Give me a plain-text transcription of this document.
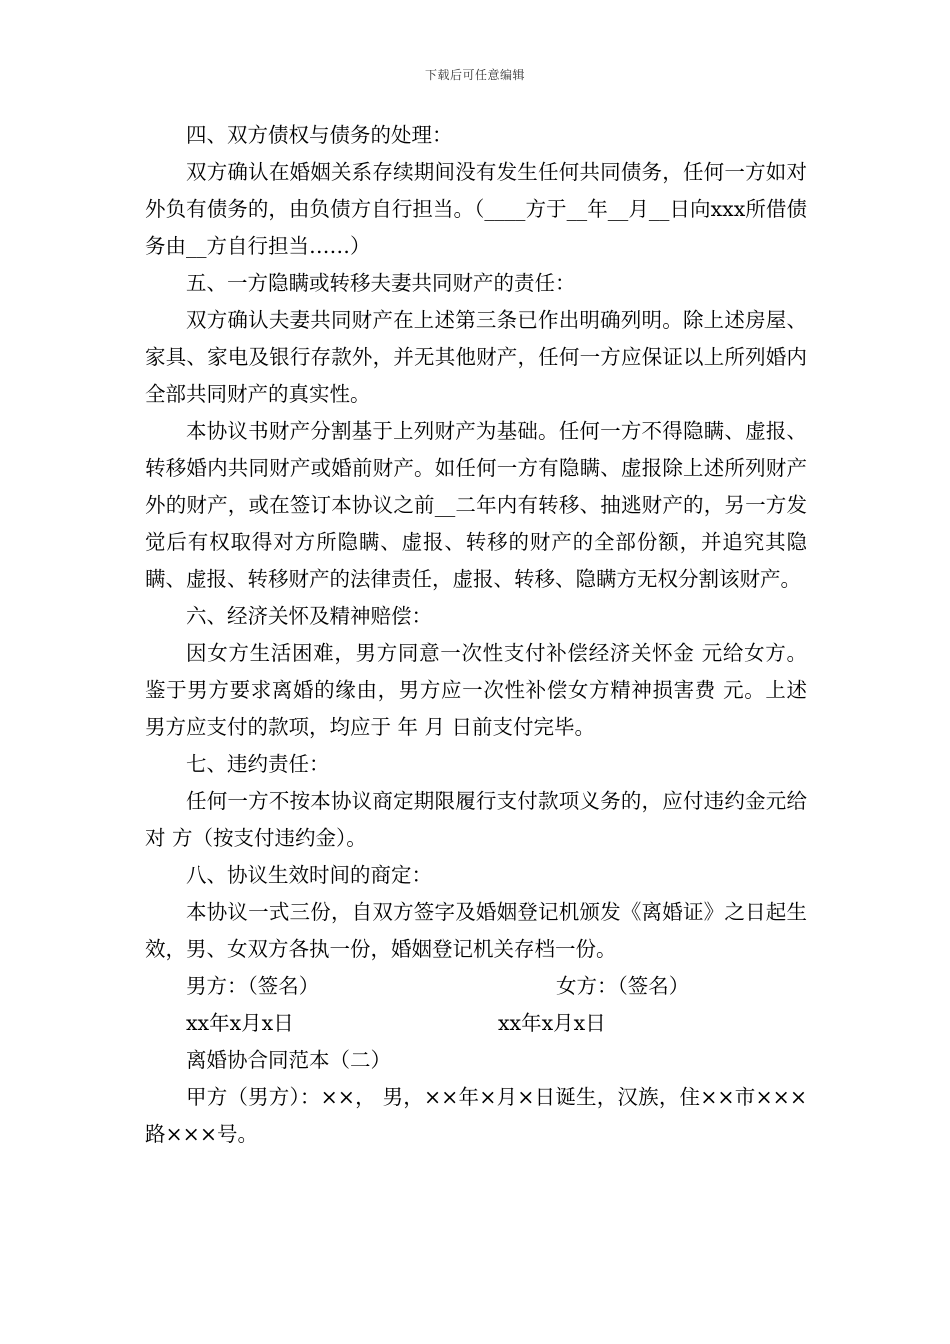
下载后可任意编辑

四、双方债权与债务的处理：

双方确认在婚姻关系存续期间没有发生任何共同债务，任何一方如对外负有债务的，由负债方自行担当。（____方于__年__月__日向xxx所借债务由__方自行担当……）

五、一方隐瞒或转移夫妻共同财产的责任：

双方确认夫妻共同财产在上述第三条已作出明确列明。除上述房屋、家具、家电及银行存款外，并无其他财产，任何一方应保证以上所列婚内全部共同财产的真实性。

本协议书财产分割基于上列财产为基础。任何一方不得隐瞒、虚报、转移婚内共同财产或婚前财产。如任何一方有隐瞒、虚报除上述所列财产外的财产，或在签订本协议之前__二年内有转移、抽逃财产的，另一方发觉后有权取得对方所隐瞒、虚报、转移的财产的全部份额，并追究其隐瞒、虚报、转移财产的法律责任，虚报、转移、隐瞒方无权分割该财产。

六、经济关怀及精神赔偿：

因女方生活困难，男方同意一次性支付补偿经济关怀金 元给女方。鉴于男方要求离婚的缘由，男方应一次性补偿女方精神损害费 元。上述男方应支付的款项，均应于 年 月 日前支付完毕。

七、违约责任：

任何一方不按本协议商定期限履行支付款项义务的，应付违约金元给对 方（按支付违约金）。

八、协议生效时间的商定：

本协议一式三份，自双方签字及婚姻登记机颁发《离婚证》之日起生效，男、女双方各执一份，婚姻登记机关存档一份。

男方：（签名）	女方：（签名）
xx年x月x日	xx年x月x日

离婚协合同范本（二）

甲方（男方）：××， 男，××年×月×日诞生，汉族，住××市×××路×××号。
